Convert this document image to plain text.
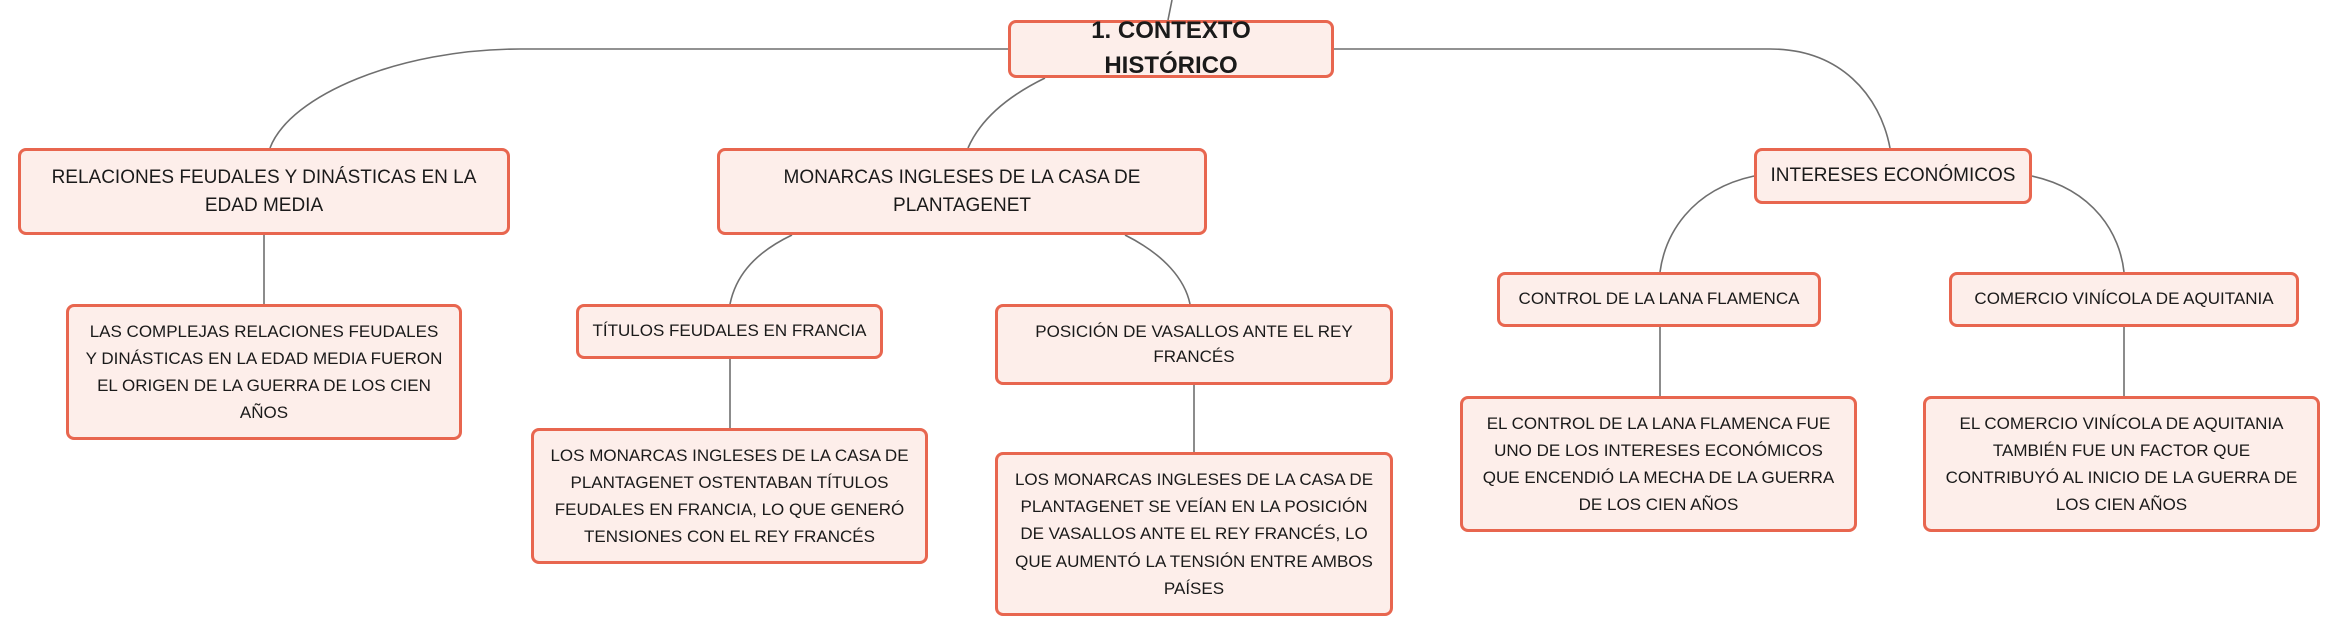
1. CONTEXTO HISTÓRICO
RELACIONES FEUDALES Y DINÁSTICAS EN LA EDAD MEDIA
MONARCAS INGLESES DE LA CASA DE PLANTAGENET
INTERESES ECONÓMICOS
TÍTULOS FEUDALES EN FRANCIA	POSICIÓN DE VASALLOS ANTE EL REY FRANCÉS
CONTROL DE LA LANA FLAMENCA	COMERCIO VINÍCOLA DE AQUITANIA
LAS COMPLEJAS RELACIONES FEUDALES Y DINÁSTICAS EN LA EDAD MEDIA FUERON EL ORIGEN DE LA GUERRA DE LOS CIEN AÑOS
LOS MONARCAS INGLESES DE LA CASA DE PLANTAGENET OSTENTABAN TÍTULOS FEUDALES EN FRANCIA, LO QUE GENERÓ TENSIONES CON EL REY FRANCÉS
LOS MONARCAS INGLESES DE LA CASA DE PLANTAGENET SE VEÍAN EN LA POSICIÓN DE VASALLOS ANTE EL REY FRANCÉS, LO QUE AUMENTÓ LA TENSIÓN ENTRE AMBOS PAÍSES
EL CONTROL DE LA LANA FLAMENCA FUE UNO DE LOS INTERESES ECONÓMICOS QUE ENCENDIÓ LA MECHA DE LA GUERRA DE LOS CIEN AÑOS
EL COMERCIO VINÍCOLA DE AQUITANIA TAMBIÉN FUE UN FACTOR QUE CONTRIBUYÓ AL INICIO DE LA GUERRA DE LOS CIEN AÑOS
